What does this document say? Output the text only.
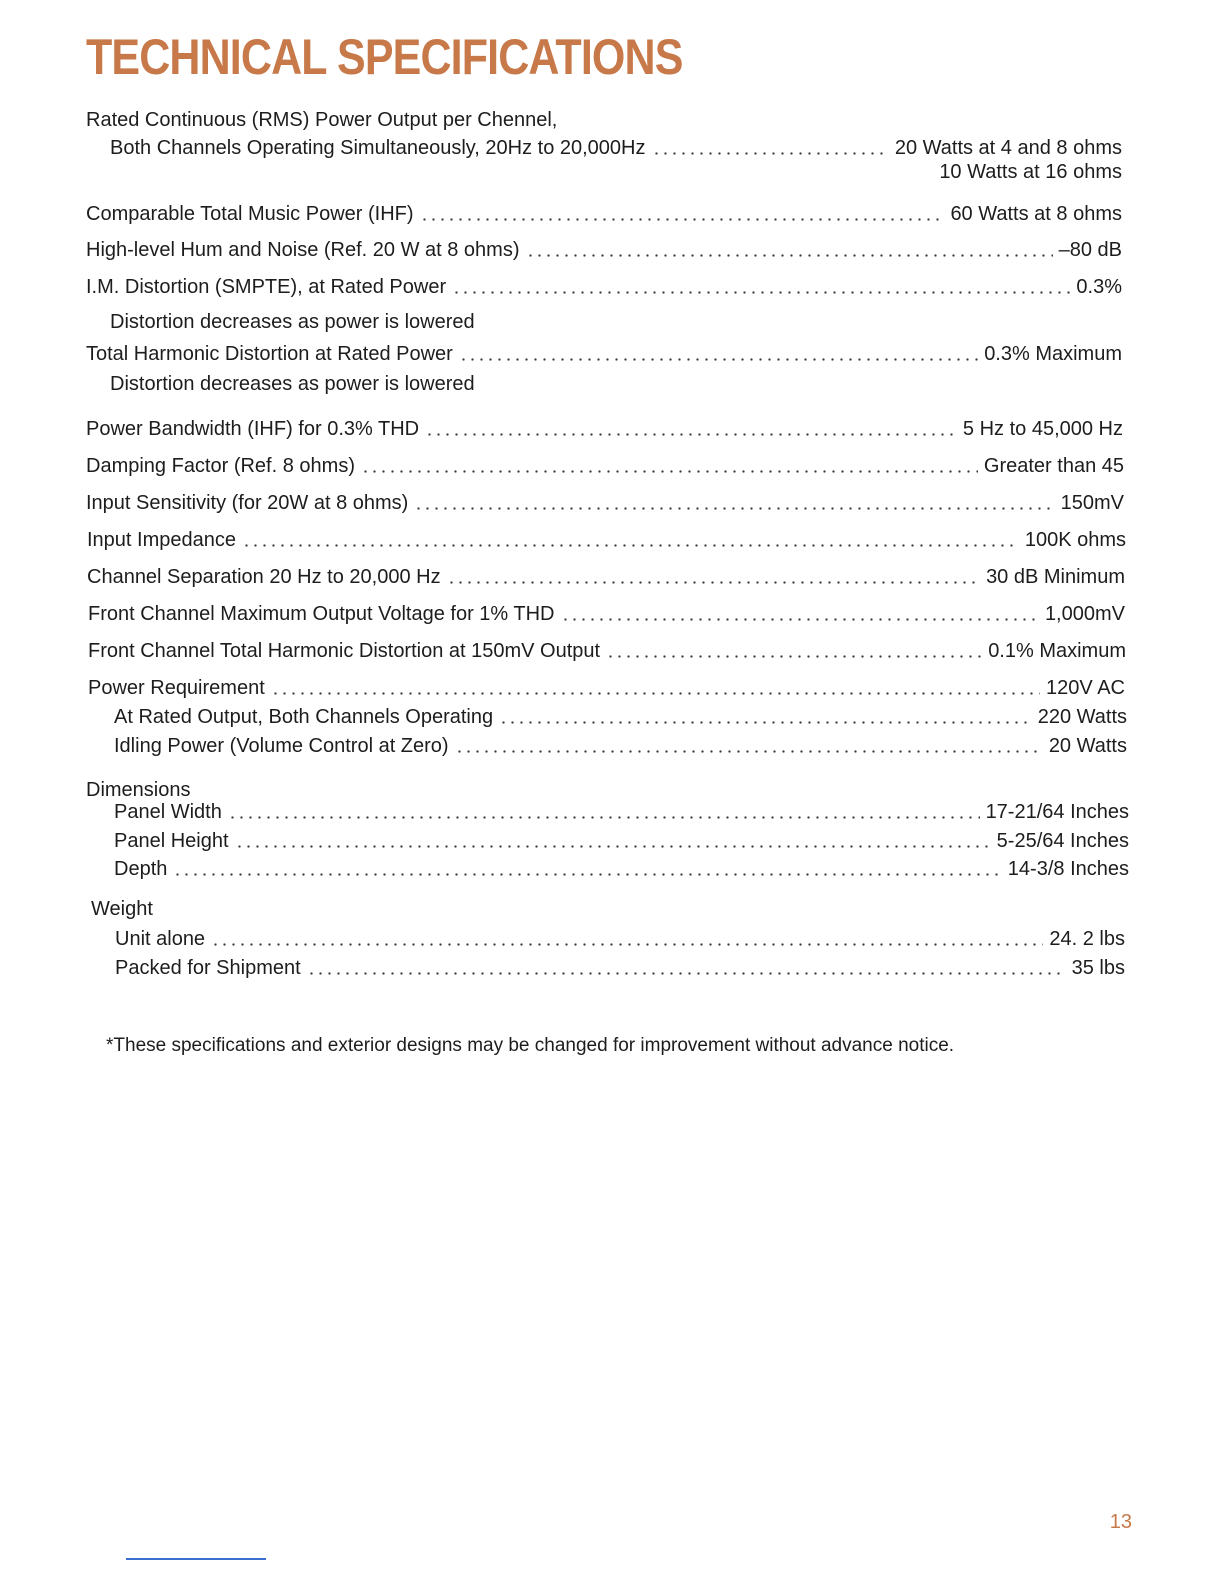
TECHNICAL SPECIFICATIONS
Rated Continuous (RMS) Power Output per Chennel,
Both Channels Operating Simultaneously, 20Hz to 20,000Hz	20 Watts at 4 and 8 ohms
10 Watts at 16 ohms
Comparable Total Music Power (IHF)	60 Watts at 8 ohms
High-level Hum and Noise (Ref. 20 W at 8 ohms)	–80 dB
I.M. Distortion (SMPTE), at Rated Power	0.3%
Distortion decreases as power is lowered
Total Harmonic Distortion at Rated Power	0.3% Maximum
Distortion decreases as power is lowered
Power Bandwidth (IHF) for 0.3% THD	5 Hz to 45,000 Hz
Damping Factor (Ref. 8 ohms)	Greater than 45
Input Sensitivity (for 20W at 8 ohms)	150mV
Input Impedance	100K ohms
Channel Separation 20 Hz to 20,000 Hz	30 dB Minimum
Front Channel Maximum Output Voltage for 1% THD	1,000mV
Front Channel Total Harmonic Distortion at 150mV Output	0.1% Maximum
Power Requirement	120V AC
At Rated Output, Both Channels Operating	220 Watts
Idling Power (Volume Control at Zero)	20 Watts
Dimensions
Panel Width	17-21/64 Inches
Panel Height	5-25/64 Inches
Depth	14-3/8 Inches
Weight
Unit alone	24. 2 lbs
Packed for Shipment	35 lbs
*These specifications and exterior designs may be changed for improvement without advance notice.
13
